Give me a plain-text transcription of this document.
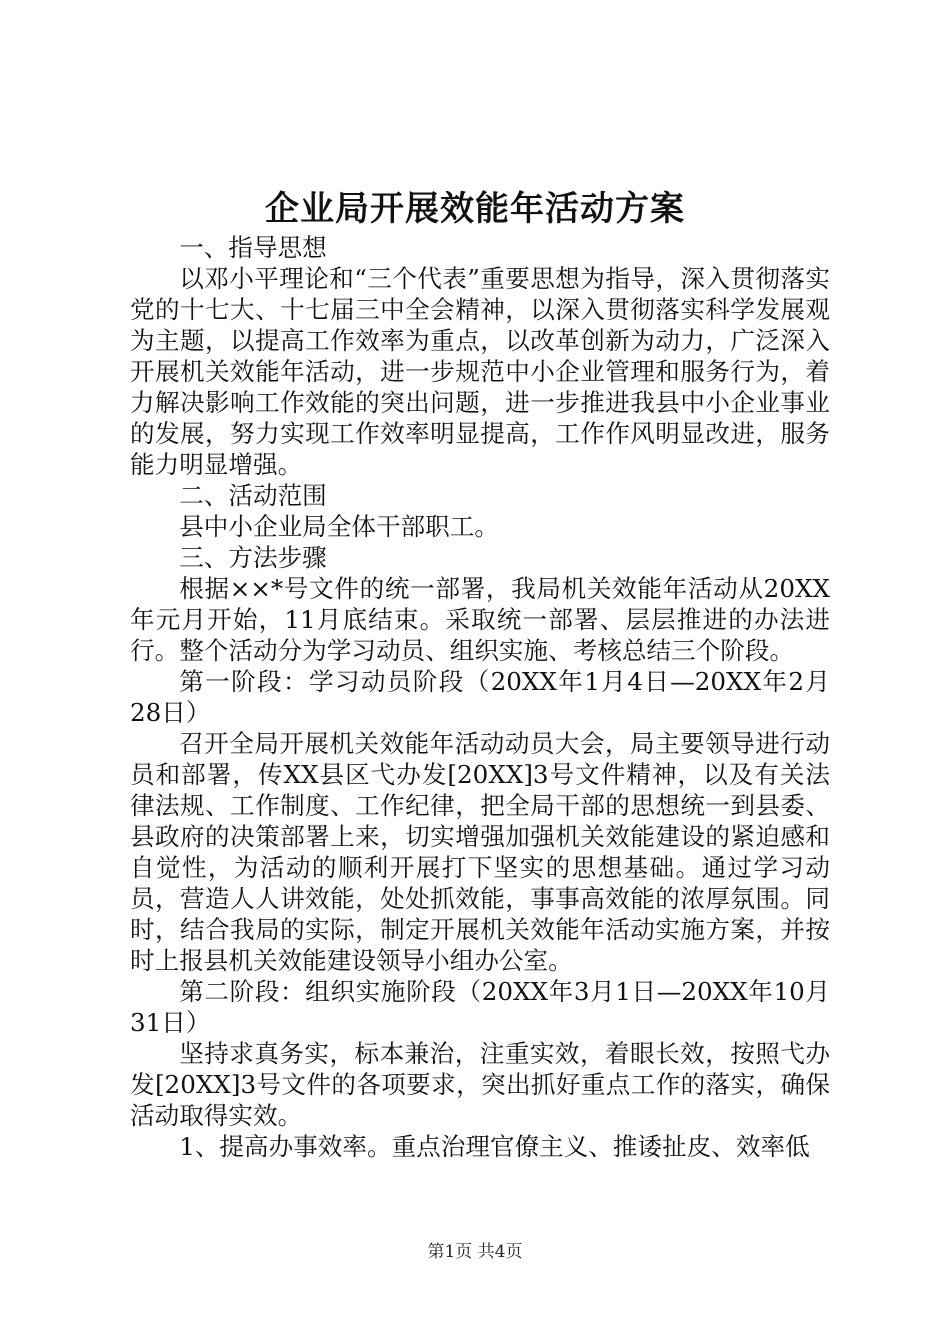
企业局开展效能年活动方案

一、指导思想

以邓小平理论和“三个代表”重要思想为指导，深入贯彻落实党的十七大、十七届三中全会精神，以深入贯彻落实科学发展观为主题，以提高工作效率为重点，以改革创新为动力，广泛深入开展机关效能年活动，进一步规范中小企业管理和服务行为，着力解决影响工作效能的突出问题，进一步推进我县中小企业事业的发展，努力实现工作效率明显提高，工作作风明显改进，服务能力明显增强。

二、活动范围

县中小企业局全体干部职工。

三、方法步骤

根据××*号文件的统一部署，我局机关效能年活动从20XX年元月开始，11月底结束。采取统一部署、层层推进的办法进行。整个活动分为学习动员、组织实施、考核总结三个阶段。

第一阶段：学习动员阶段（20XX年1月4日—20XX年2月28日）

召开全局开展机关效能年活动动员大会，局主要领导进行动员和部署，传XX县区弋办发[20XX]3号文件精神，以及有关法律法规、工作制度、工作纪律，把全局干部的思想统一到县委、县政府的决策部署上来，切实增强加强机关效能建设的紧迫感和自觉性，为活动的顺利开展打下坚实的思想基础。通过学习动员，营造人人讲效能，处处抓效能，事事高效能的浓厚氛围。同时，结合我局的实际，制定开展机关效能年活动实施方案，并按时上报县机关效能建设领导小组办公室。

第二阶段：组织实施阶段（20XX年3月1日—20XX年10月31日）

坚持求真务实，标本兼治，注重实效，着眼长效，按照弋办发[20XX]3号文件的各项要求，突出抓好重点工作的落实，确保活动取得实效。

1、提高办事效率。重点治理官僚主义、推诿扯皮、效率低

第1页 共4页
